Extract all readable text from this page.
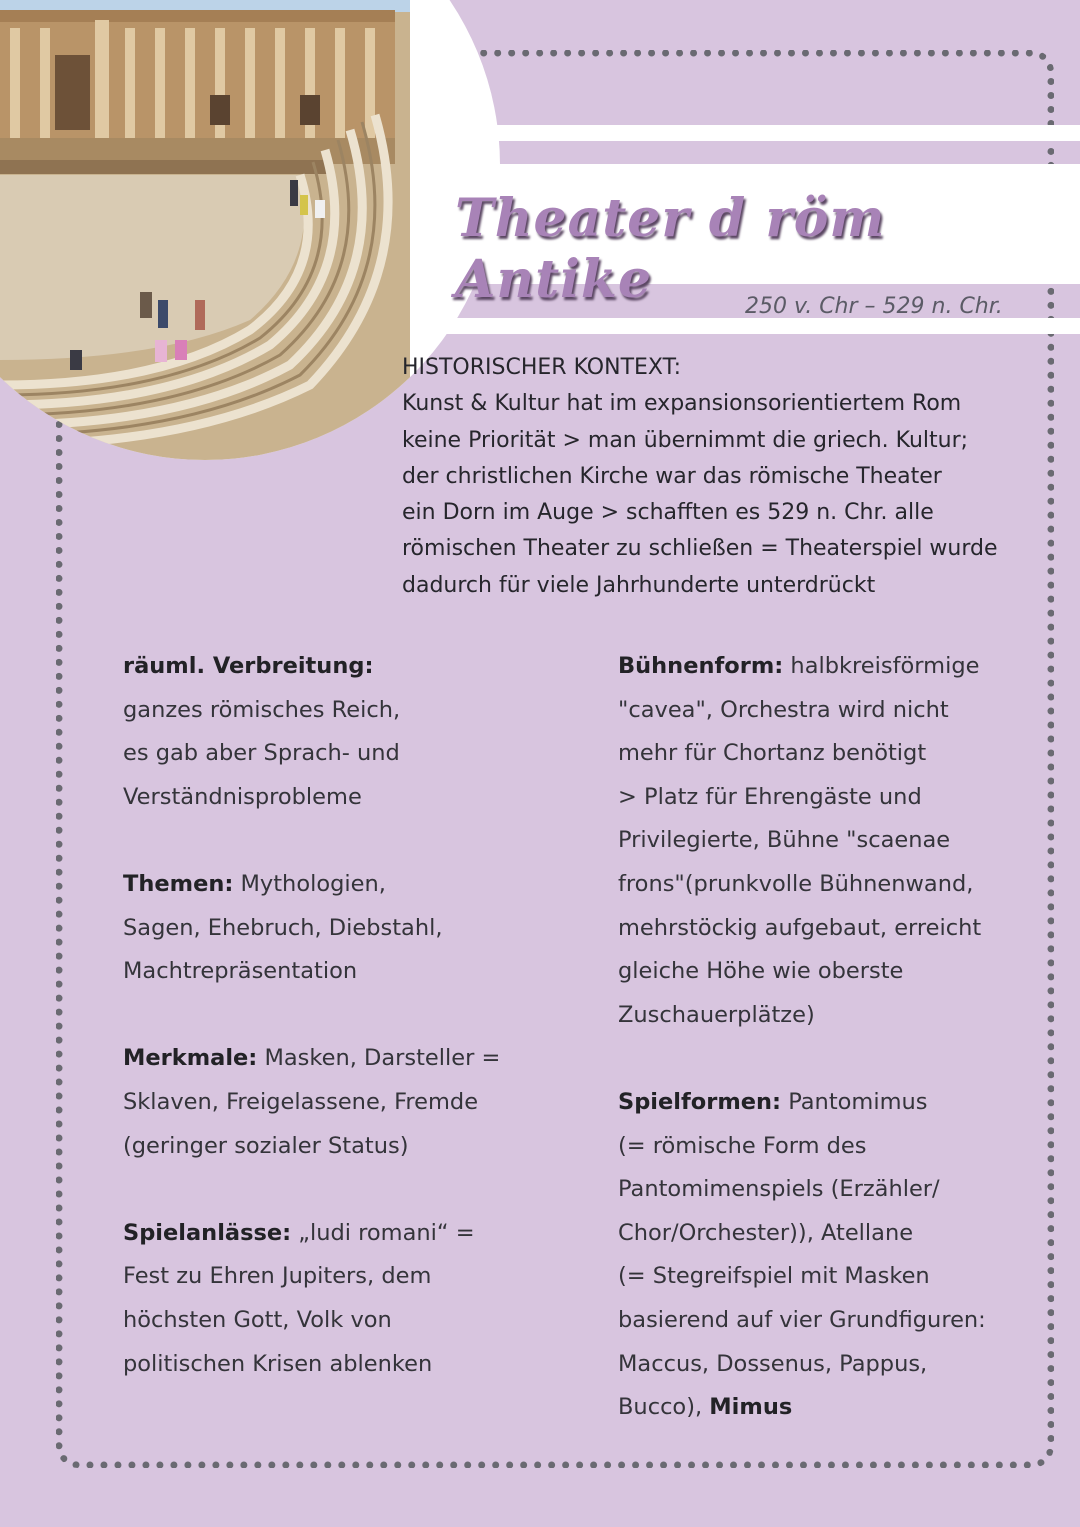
Theater d röm Antike	250 v. Chr – 529 n. Chr.
HISTORISCHER KONTEXT:
Kunst & Kultur hat im expansionsorientiertem Rom
keine Priorität > man übernimmt die griech. Kultur;
der christlichen Kirche war das römische Theater
ein Dorn im Auge > schafften es 529 n. Chr. alle
römischen Theater zu schließen = Theaterspiel wurde
dadurch für viele Jahrhunderte unterdrückt
räuml. Verbreitung:
ganzes römisches Reich,
es gab aber Sprach- und
Verständnisprobleme
Themen: Mythologien,
Sagen, Ehebruch, Diebstahl,
Machtrepräsentation
Merkmale: Masken, Darsteller =
Sklaven, Freigelassene, Fremde
(geringer sozialer Status)
Spielanlässe: „ludi romani“ =
Fest zu Ehren Jupiters, dem
höchsten Gott, Volk von
politischen Krisen ablenken
Bühnenform: halbkreisförmige
"cavea", Orchestra wird nicht
mehr für Chortanz benötigt
> Platz für Ehrengäste und
Privilegierte, Bühne "scaenae
frons"(prunkvolle Bühnenwand,
mehrstöckig aufgebaut, erreicht
gleiche Höhe wie oberste
Zuschauerplätze)
Spielformen: Pantomimus
(= römische Form des
Pantomimenspiels (Erzähler/
Chor/Orchester)), Atellane
(= Stegreifspiel mit Masken
basierend auf vier Grundfiguren:
Maccus, Dossenus, Pappus,
Bucco), Mimus
